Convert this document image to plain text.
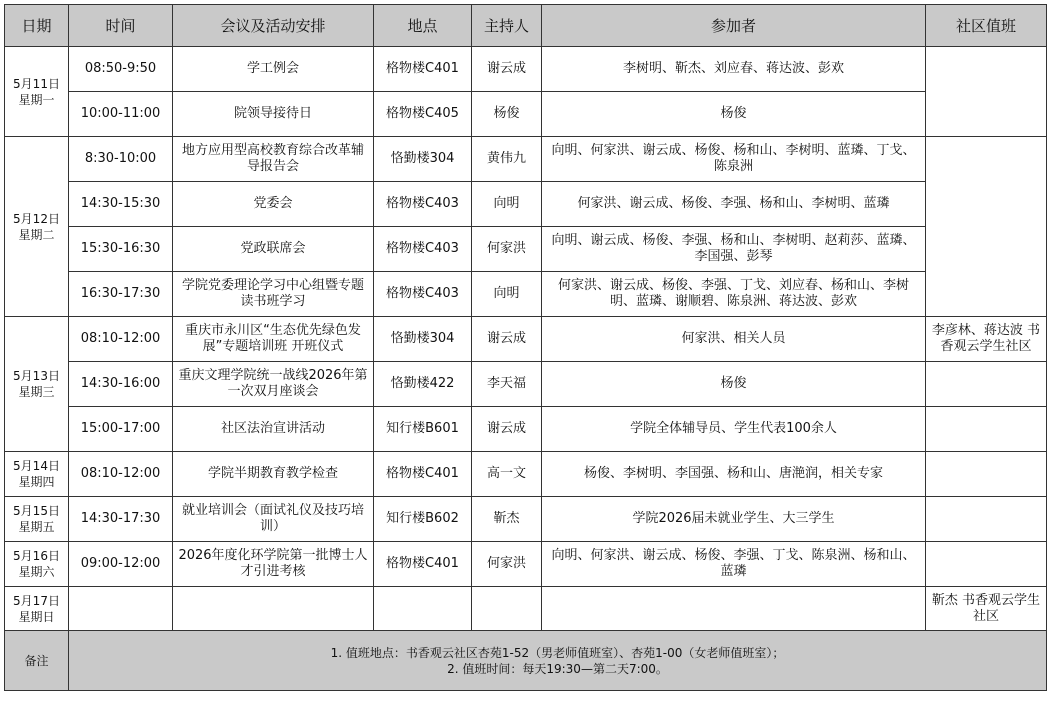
日期	时间	会议及活动安排	地点	主持人	参加者	社区值班

5月11日
星期一	08:50-9:50	学工例会	格物楼C401	谢云成	李树明、靳杰、刘应春、蒋达波、彭欢	
	10:00-11:00	院领导接待日	格物楼C405	杨俊	杨俊	

5月12日
星期二	8:30-10:00	地方应用型高校教育综合改革辅导报告会	恪勤楼304	黄伟九	向明、何家洪、谢云成、杨俊、杨和山、李树明、蓝璘、丁戈、陈泉洲	
	14:30-15:30	党委会	格物楼C403	向明	何家洪、谢云成、杨俊、李强、杨和山、李树明、蓝璘	
	15:30-16:30	党政联席会	格物楼C403	何家洪	向明、谢云成、杨俊、李强、杨和山、李树明、赵莉莎、蓝璘、李国强、彭琴	
	16:30-17:30	学院党委理论学习中心组暨专题读书班学习	格物楼C403	向明	何家洪、谢云成、杨俊、李强、丁戈、刘应春、杨和山、李树明、蓝璘、谢顺碧、陈泉洲、蒋达波、彭欢	

5月13日
星期三	08:10-12:00	重庆市永川区“生态优先绿色发展”专题培训班 开班仪式	恪勤楼304	谢云成	何家洪、相关人员	李彦林、蒋达波 书香观云学生社区
	14:30-16:00	重庆文理学院统一战线2026年第一次双月座谈会	恪勤楼422	李天福	杨俊	
	15:00-17:00	社区法治宣讲活动	知行楼B601	谢云成	学院全体辅导员、学生代表100余人	

5月14日
星期四	08:10-12:00	学院半期教育教学检查	格物楼C401	高一文	杨俊、李树明、李国强、杨和山、唐滟润，相关专家	

5月15日
星期五	14:30-17:30	就业培训会（面试礼仪及技巧培训）	知行楼B602	靳杰	学院2026届未就业学生、大三学生	

5月16日
星期六	09:00-12:00	2026年度化环学院第一批博士人才引进考核	格物楼C401	何家洪	向明、何家洪、谢云成、杨俊、李强、丁戈、陈泉洲、杨和山、蓝璘	

5月17日
星期日						靳杰 书香观云学生社区
备注	1. 值班地点：书香观云社区杏苑1-52（男老师值班室）、杏苑1-00（女老师值班室）；
2. 值班时间：每天19:30—第二天7:00。					
